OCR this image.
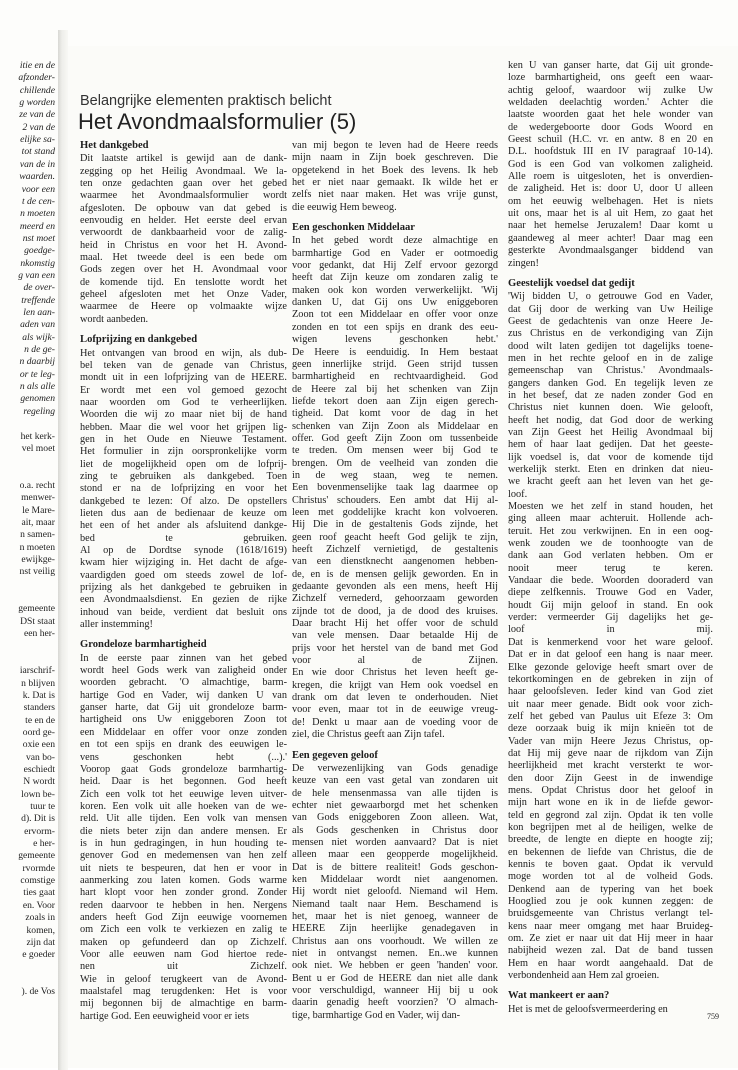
itie en de
afzonder-
chillende
g worden
ze van de
2 van de
elijke sa-
tot stand
van de in
waarden.
voor een
t de cen-
n moeten
meerd en
nst moet
goedge-
nkomstig
g van een
de over-
treffende
len aan-
aden van
als wijk-
n de ge-
n daarbij
or te leg-
n als alle
genomen
regeling
het kerk-
vel moet
o.a. recht
menwer-
le Mare-
ait, maar
n samen-
n moeten
ewijkge-
nst veilig
gemeente
DSt staat
een her-
iarschrif-
n blijven
k. Dat is
standers
te en de
oord ge-
oxie een
van bo-
eschiedt
N wordt
lown be-
tuur te
d). Dit is
ervorm-
e her-
gemeente
rvormde
comstige
ties gaat
en. Voor
zoals in
komen,
zijn dat
e goeder
). de Vos
Belangrijke elementen praktisch belicht
Het Avondmaalsformulier (5)
Het dankgebed
Dit laatste artikel is gewijd aan de dank-
zegging op het Heilig Avondmaal. We la-
ten onze gedachten gaan over het gebed
waarmee het Avondmaalsformulier wordt
afgesloten. De opbouw van dat gebed is
eenvoudig en helder. Het eerste deel ervan
verwoordt de dankbaarheid voor de zalig-
heid in Christus en voor het H. Avond-
maal. Het tweede deel is een bede om
Gods zegen over het H. Avondmaal voor
de komende tijd. En tenslotte wordt het
geheel afgesloten met het Onze Vader,
waarmee de Heere op volmaakte wijze
wordt aanbeden.
Lofprijzing en dankgebed
Het ontvangen van brood en wijn, als dub-
bel teken van de genade van Christus,
mondt uit in een lofprijzing van de HEERE.
Er wordt met een vol gemoed gezocht
naar woorden om God te verheerlijken.
Woorden die wij zo maar niet bij de hand
hebben. Maar die wel voor het grijpen lig-
gen in het Oude en Nieuwe Testament.
Het formulier in zijn oorspronkelijke vorm
liet de mogelijkheid open om de lofprij-
zing te gebruiken als dankgebed. Toen
stond er na de lofprijzing en voor het
dankgebed te lezen: Of alzo. De opstellers
lieten dus aan de bedienaar de keuze om
het een of het ander als afsluitend dankge-
bed te gebruiken.
Al op de Dordtse synode (1618/1619)
kwam hier wijziging in. Het dacht de afge-
vaardigden goed om steeds zowel de lof-
prijzing als het dankgebed te gebruiken in
een Avondmaalsdienst. En gezien de rijke
inhoud van beide, verdient dat besluit ons
aller instemming!
Grondeloze barmhartigheid
In de eerste paar zinnen van het gebed
wordt heel Gods werk van zaligheid onder
woorden gebracht. 'O almachtige, barm-
hartige God en Vader, wij danken U van
ganser harte, dat Gij uit grondeloze barm-
hartigheid ons Uw eniggeboren Zoon tot
een Middelaar en offer voor onze zonden
en tot een spijs en drank des eeuwigen le-
vens geschonken hebt (...).'
Voorop gaat Gods grondeloze barmhartig-
heid. Daar is het begonnen. God heeft
Zich een volk tot het eeuwige leven uitver-
koren. Een volk uit alle hoeken van de we-
reld. Uit alle tijden. Een volk van mensen
die niets beter zijn dan andere mensen. Er
is in hun gedragingen, in hun houding te-
genover God en medemensen van hen zelf
uit niets te bespeuren, dat hen er voor in
aanmerking zou laten komen. Gods warme
hart klopt voor hen zonder grond. Zonder
reden daarvoor te hebben in hen. Nergens
anders heeft God Zijn eeuwige voornemen
om Zich een volk te verkiezen en zalig te
maken op gefundeerd dan op Zichzelf.
Voor alle eeuwen nam God hiertoe rede-
nen uit Zichzelf.
Wie in geloof terugkeert van de Avond-
maalstafel mag terugdenken: Het is voor
mij begonnen bij de almachtige en barm-
hartige God. Een eeuwigheid voor er iets
van mij begon te leven had de Heere reeds
mijn naam in Zijn boek geschreven. Die
opgetekend in het Boek des levens. Ik heb
het er niet naar gemaakt. Ik wilde het er
zelfs niet naar maken. Het was vrije gunst,
die eeuwig Hem beweog.
Een geschonken Middelaar
In het gebed wordt deze almachtige en
barmhartige God en Vader er ootmoedig
voor gedankt, dat Hij Zelf ervoor gezorgd
heeft dat Zijn keuze om zondaren zalig te
maken ook kon worden verwerkelijkt. 'Wij
danken U, dat Gij ons Uw eniggeboren
Zoon tot een Middelaar en offer voor onze
zonden en tot een spijs en drank des eeu-
wigen levens geschonken hebt.'
De Heere is eenduidig. In Hem bestaat
geen innerlijke strijd. Geen strijd tussen
barmhartigheid en rechtvaardigheid. God
de Heere zal bij het schenken van Zijn
liefde tekort doen aan Zijn eigen gerech-
tigheid. Dat komt voor de dag in het
schenken van Zijn Zoon als Middelaar en
offer. God geeft Zijn Zoon om tussenbeide
te treden. Om mensen weer bij God te
brengen. Om de veelheid van zonden die
in de weg staan, weg te nemen.
Een bovenmenselijke taak lag daarmee op
Christus' schouders. Een ambt dat Hij al-
leen met goddelijke kracht kon volvoeren.
Hij Die in de gestaltenis Gods zijnde, het
geen roof geacht heeft God gelijk te zijn,
heeft Zichzelf vernietigd, de gestaltenis
van een dienstknecht aangenomen hebben-
de, en is de mensen gelijk geworden. En in
gedaante gevonden als een mens, heeft Hij
Zichzelf vernederd, gehoorzaam geworden
zijnde tot de dood, ja de dood des kruises.
Daar bracht Hij het offer voor de schuld
van vele mensen. Daar betaalde Hij de
prijs voor het herstel van de band met God
voor al de Zijnen.
En wie door Christus het leven heeft ge-
kregen, die krijgt van Hem ook voedsel en
drank om dat leven te onderhouden. Niet
voor even, maar tot in de eeuwige vreug-
de! Denkt u maar aan de voeding voor de
ziel, die Christus geeft aan Zijn tafel.
Een gegeven geloof
De verwezenlijking van Gods genadige
keuze van een vast getal van zondaren uit
de hele mensenmassa van alle tijden is
echter niet gewaarborgd met het schenken
van Gods eniggeboren Zoon alleen. Wat,
als Gods geschenken in Christus door
mensen niet worden aanvaard? Dat is niet
alleen maar een geopperde mogelijkheid.
Dat is de bittere realiteit! Gods geschon-
ken Middelaar wordt niet aangenomen.
Hij wordt niet geloofd. Niemand wil Hem.
Niemand taalt naar Hem. Beschamend is
het, maar het is niet genoeg, wanneer de
HEERE Zijn heerlijke genadegaven in
Christus aan ons voorhoudt. We willen ze
niet in ontvangst nemen. En..we kunnen
ook niet. We hebben er geen 'handen' voor.
Bent u er God de HEERE dan niet alle dank
voor verschuldigd, wanneer Hij bij u ook
daarin genadig heeft voorzien? 'O almach-
tige, barmhartige God en Vader, wij dan-
ken U van ganser harte, dat Gij uit gronde-
loze barmhartigheid, ons geeft een waar-
achtig geloof, waardoor wij zulke Uw
weldaden deelachtig worden.' Achter die
laatste woorden gaat het hele wonder van
de wedergeboorte door Gods Woord en
Geest schuil (H.C. vr. en antw. 8 en 20 en
D.L. hoofdstuk III en IV paragraaf 10-14).
God is een God van volkomen zaligheid.
Alle roem is uitgesloten, het is onverdien-
de zaligheid. Het is: door U, door U alleen
om het eeuwig welbehagen. Het is niets
uit ons, maar het is al uit Hem, zo gaat het
naar het hemelse Jeruzalem! Daar komt u
gaandeweg al meer achter! Daar mag een
gesterkte Avondmaalsganger biddend van
zingen!
Geestelijk voedsel dat gedijt
'Wij bidden U, o getrouwe God en Vader,
dat Gij door de werking van Uw Heilige
Geest de gedachtenis van onze Heere Je-
zus Christus en de verkondiging van Zijn
dood wilt laten gedijen tot dagelijks toene-
men in het rechte geloof en in de zalige
gemeenschap van Christus.' Avondmaals-
gangers danken God. En tegelijk leven ze
in het besef, dat ze naden zonder God en
Christus niet kunnen doen. Wie gelooft,
heeft het nodig, dat God door de werking
van Zijn Geest het Heilig Avondmaal bij
hem of haar laat gedijen. Dat het geeste-
lijk voedsel is, dat voor de komende tijd
werkelijk sterkt. Eten en drinken dat nieu-
we kracht geeft aan het leven van het ge-
loof.
Moesten we het zelf in stand houden, het
ging alleen maar achteruit. Hollende ach-
teruit. Het zou verkwijnen. En in een oog-
wenk zouden we de toonhoogte van de
dank aan God verlaten hebben. Om er
nooit meer terug te keren.
Vandaar die bede. Woorden dooraderd van
diepe zelfkennis. Trouwe God en Vader,
houdt Gij mijn geloof in stand. En ook
verder: vermeerder Gij dagelijks het ge-
loof in mij.
Dat is kenmerkend voor het ware geloof.
Dat er in dat geloof een hang is naar meer.
Elke gezonde gelovige heeft smart over de
tekortkomingen en de gebreken in zijn of
haar geloofsleven. Ieder kind van God ziet
uit naar meer genade. Bidt ook voor zich-
zelf het gebed van Paulus uit Efeze 3: Om
deze oorzaak buig ik mijn knieën tot de
Vader van mijn Heere Jezus Christus, op-
dat Hij mij geve naar de rijkdom van Zijn
heerlijkheid met kracht versterkt te wor-
den door Zijn Geest in de inwendige
mens. Opdat Christus door het geloof in
mijn hart wone en ik in de liefde gewor-
teld en gegrond zal zijn. Opdat ik ten volle
kon begrijpen met al de heiligen, welke de
breedte, de lengte en diepte en hoogte zij;
en bekennen de liefde van Christus, die de
kennis te boven gaat. Opdat ik vervuld
moge worden tot al de volheid Gods.
Denkend aan de typering van het boek
Hooglied zou je ook kunnen zeggen: de
bruidsgemeente van Christus verlangt tel-
kens naar meer omgang met haar Bruideg-
om. Ze ziet er naar uit dat Hij meer in haar
nabijheid wezen zal. Dat de band tussen
Hem en haar wordt aangehaald. Dat de
verbondenheid aan Hem zal groeien.
Wat mankeert er aan?
Het is met de geloofsvermeerdering en
759
